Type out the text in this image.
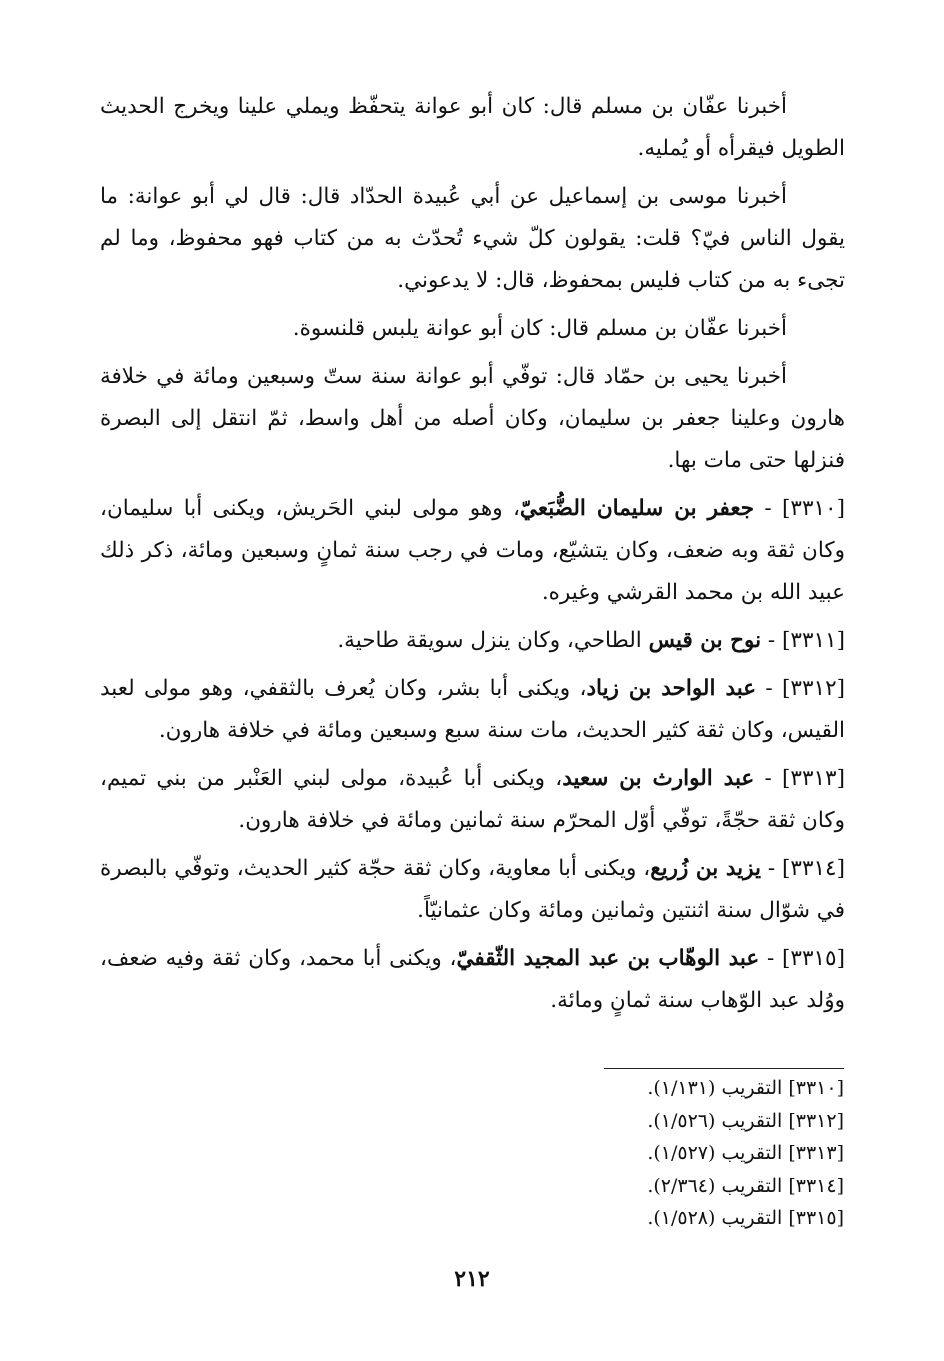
أخبرنا عفّان بن مسلم قال: كان أبو عوانة يتحفّظ ويملي علينا ويخرج الحديث الطويل فيقرأه أو يُمليه.

أخبرنا موسى بن إسماعيل عن أبي عُبيدة الحدّاد قال: قال لي أبو عوانة: ما يقول الناس فيّ؟ قلت: يقولون كلّ شيء تُحدّث به من كتاب فهو محفوظ، وما لم تجىء به من كتاب فليس بمحفوظ، قال: لا يدعوني.

أخبرنا عفّان بن مسلم قال: كان أبو عوانة يلبس قلنسوة.

أخبرنا يحيى بن حمّاد قال: توفّي أبو عوانة سنة ستّ وسبعين ومائة في خلافة هارون وعلينا جعفر بن سليمان، وكان أصله من أهل واسط، ثمّ انتقل إلى البصرة فنزلها حتى مات بها.

[٣٣١٠] - جعفر بن سليمان الضُّبَعيّ، وهو مولى لبني الحَريش، ويكنى أبا سليمان، وكان ثقة وبه ضعف، وكان يتشيّع، ومات في رجب سنة ثمانٍ وسبعين ومائة، ذكر ذلك عبيد الله بن محمد القرشي وغيره.

[٣٣١١] - نوح بن قيس الطاحي، وكان ينزل سويقة طاحية.

[٣٣١٢] - عبد الواحد بن زياد، ويكنى أبا بشر، وكان يُعرف بالثقفي، وهو مولى لعبد القيس، وكان ثقة كثير الحديث، مات سنة سبع وسبعين ومائة في خلافة هارون.

[٣٣١٣] - عبد الوارث بن سعيد، ويكنى أبا عُبيدة، مولى لبني العَنْبر من بني تميم، وكان ثقة حجّةً، توفّي أوّل المحرّم سنة ثمانين ومائة في خلافة هارون.

[٣٣١٤] - يزيد بن زُريع، ويكنى أبا معاوية، وكان ثقة حجّة كثير الحديث، وتوفّي بالبصرة في شوّال سنة اثنتين وثمانين ومائة وكان عثمانيّاً.

[٣٣١٥] - عبد الوهّاب بن عبد المجيد الثّقفيّ، ويكنى أبا محمد، وكان ثقة وفيه ضعف، ووُلد عبد الوّهاب سنة ثمانٍ ومائة.

[٣٣١٠] التقريب (١/١٣١).
[٣٣١٢] التقريب (١/٥٢٦).
[٣٣١٣] التقريب (١/٥٢٧).
[٣٣١٤] التقريب (٢/٣٦٤).
[٣٣١٥] التقريب (١/٥٢٨).
٢١٢
